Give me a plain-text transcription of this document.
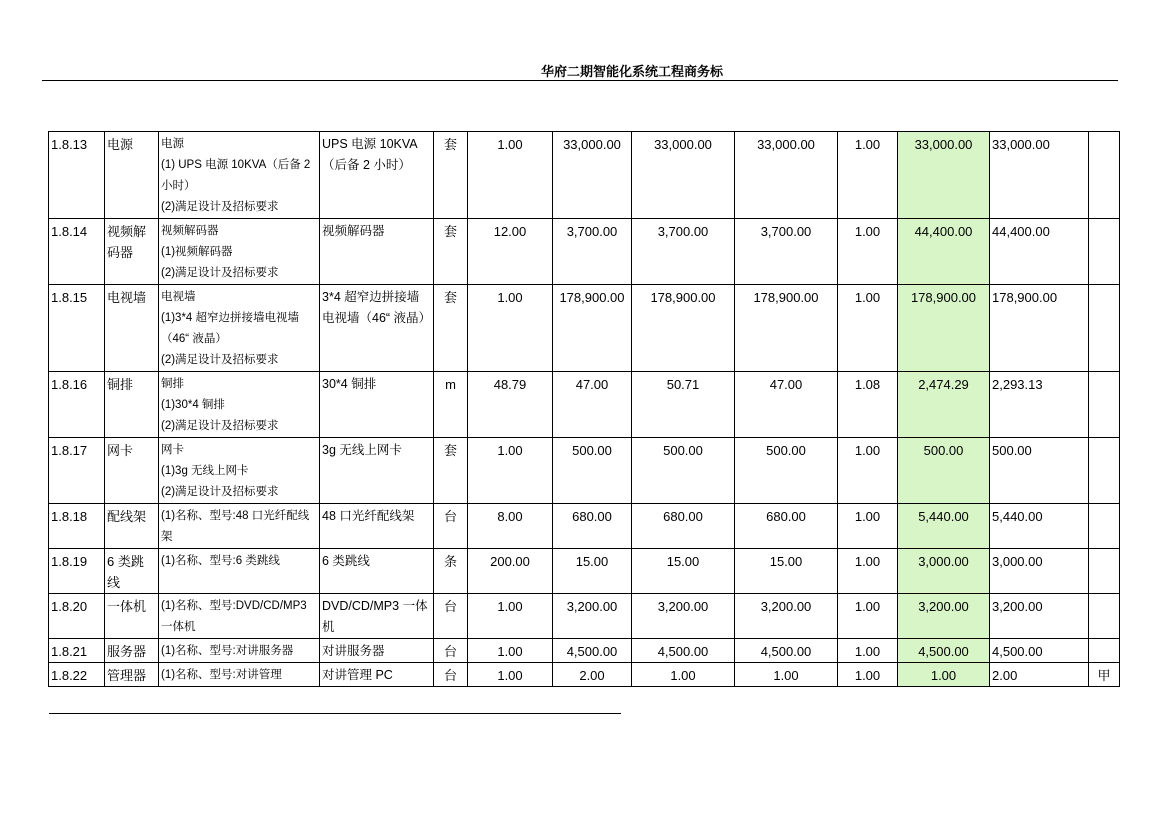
华府二期智能化系统工程商务标
1.8.13	电源	电源
(1) UPS 电源 10KVA（后备 2 小时）
(2)满足设计及招标要求	UPS 电源 10KVA（后备 2 小时）	套	1.00	33,000.00	33,000.00	33,000.00	1.00	33,000.00	33,000.00	
1.8.14	视频解码器	视频解码器
(1)视频解码器
(2)满足设计及招标要求	视频解码器	套	12.00	3,700.00	3,700.00	3,700.00	1.00	44,400.00	44,400.00	
1.8.15	电视墙	电视墙
(1)3*4 超窄边拼接墙电视墙（46“ 液晶）
(2)满足设计及招标要求	3*4 超窄边拼接墙电视墙（46“ 液晶）	套	1.00	178,900.00	178,900.00	178,900.00	1.00	178,900.00	178,900.00	
1.8.16	铜排	铜排
(1)30*4 铜排
(2)满足设计及招标要求	30*4 铜排	m	48.79	47.00	50.71	47.00	1.08	2,474.29	2,293.13	
1.8.17	网卡	网卡
(1)3g 无线上网卡
(2)满足设计及招标要求	3g 无线上网卡	套	1.00	500.00	500.00	500.00	1.00	500.00	500.00	
1.8.18	配线架	(1)名称、型号:48 口光纤配线架	48 口光纤配线架	台	8.00	680.00	680.00	680.00	1.00	5,440.00	5,440.00	
1.8.19	6 类跳线	(1)名称、型号:6 类跳线	6 类跳线	条	200.00	15.00	15.00	15.00	1.00	3,000.00	3,000.00	
1.8.20	一体机	(1)名称、型号:DVD/CD/MP3 一体机	DVD/CD/MP3 一体机	台	1.00	3,200.00	3,200.00	3,200.00	1.00	3,200.00	3,200.00	
1.8.21	服务器	(1)名称、型号:对讲服务器	对讲服务器	台	1.00	4,500.00	4,500.00	4,500.00	1.00	4,500.00	4,500.00	
1.8.22	管理器	(1)名称、型号:对讲管理	对讲管理 PC	台	1.00	2.00	1.00	1.00	1.00	1.00	2.00	甲
